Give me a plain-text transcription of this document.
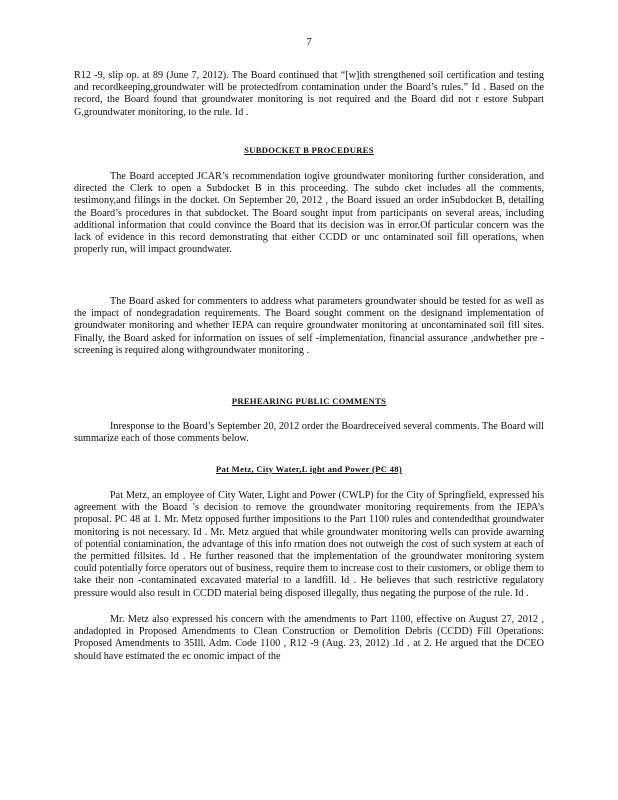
7

R12 -9, slip op. at 89 (June 7, 2012). The Board continued that “[w]ith strengthened soil certification and testing and recordkeeping,groundwater will be protectedfrom contamination under the Board’s rules.” Id . Based on the record, the Board found that groundwater monitoring is not required and the Board did not r estore Subpart G,groundwater monitoring, to the rule. Id .

SUBDOCKET B PROCEDURES

The Board accepted JCAR’s recommendation togive groundwater monitoring further consideration, and directed the Clerk to open a Subdocket B in this proceeding. The subdo cket includes all the comments, testimony,and filings in the docket. On September 20, 2012 , the Board issued an order inSubdocket B, detailing the Board’s procedures in that subdocket. The Board sought input from participants on several areas, including additional information that could convince the Board that its decision was in error.Of particular concern was the lack of evidence in this record demonstrating that either CCDD or unc ontaminated soil fill operations, when properly run, will impact groundwater.

The Board asked for commenters to address what parameters groundwater should be tested for as well as the impact of nondegradation requirements. The Board sought comment on the designand implementation of groundwater monitoring and whether IEPA can require groundwater monitoring at uncontaminated soil fill sites. Finally, the Board asked for information on issues of self -implementation, financial assurance ,andwhether pre -screening is required along withgroundwater monitoring .

PREHEARING PUBLIC COMMENTS

Inresponse to the Board’s September 20, 2012 order the Boardreceived several comments. The Board will summarize each of those comments below.

Pat Metz, City Water,L ight and Power (PC 48)

Pat Metz, an employee of City Water, Light and Power (CWLP) for the City of Springfield, expressed his agreement with the Board ’s decision to remove the groundwater monitoring requirements from the IEPA’s proposal. PC 48 at 1. Mr. Metz opposed further impositions to the Part 1100 rules and contendedthat groundwater monitoring is not necessary. Id . Mr. Metz argued that while groundwater monitoring wells can provide awarning of potential contamination, the advantage of this info rmation does not outweigh the cost of such system at each of the permitted fillsites. Id . He further reasoned that the implementation of the groundwater monitoring system could potentially force operators out of business, require them to increase cost to their customers, or oblige them to take their non -contaminated excavated material to a landfill. Id . He believes that such restrictive regulatory pressure would also result in CCDD material being disposed illegally, thus negating the purpose of the rule. Id .

Mr. Metz also expressed his concern with the amendments to Part 1100, effective on August 27, 2012 , andadopted in Proposed Amendments to Clean Construction or Demolition Debris (CCDD) Fill Operations: Proposed Amendments to 35Ill. Adm. Code 1100 , R12 -9 (Aug. 23, 2012) .Id . at 2. He argued that the DCEO should have estimated the ec onomic impact of the
